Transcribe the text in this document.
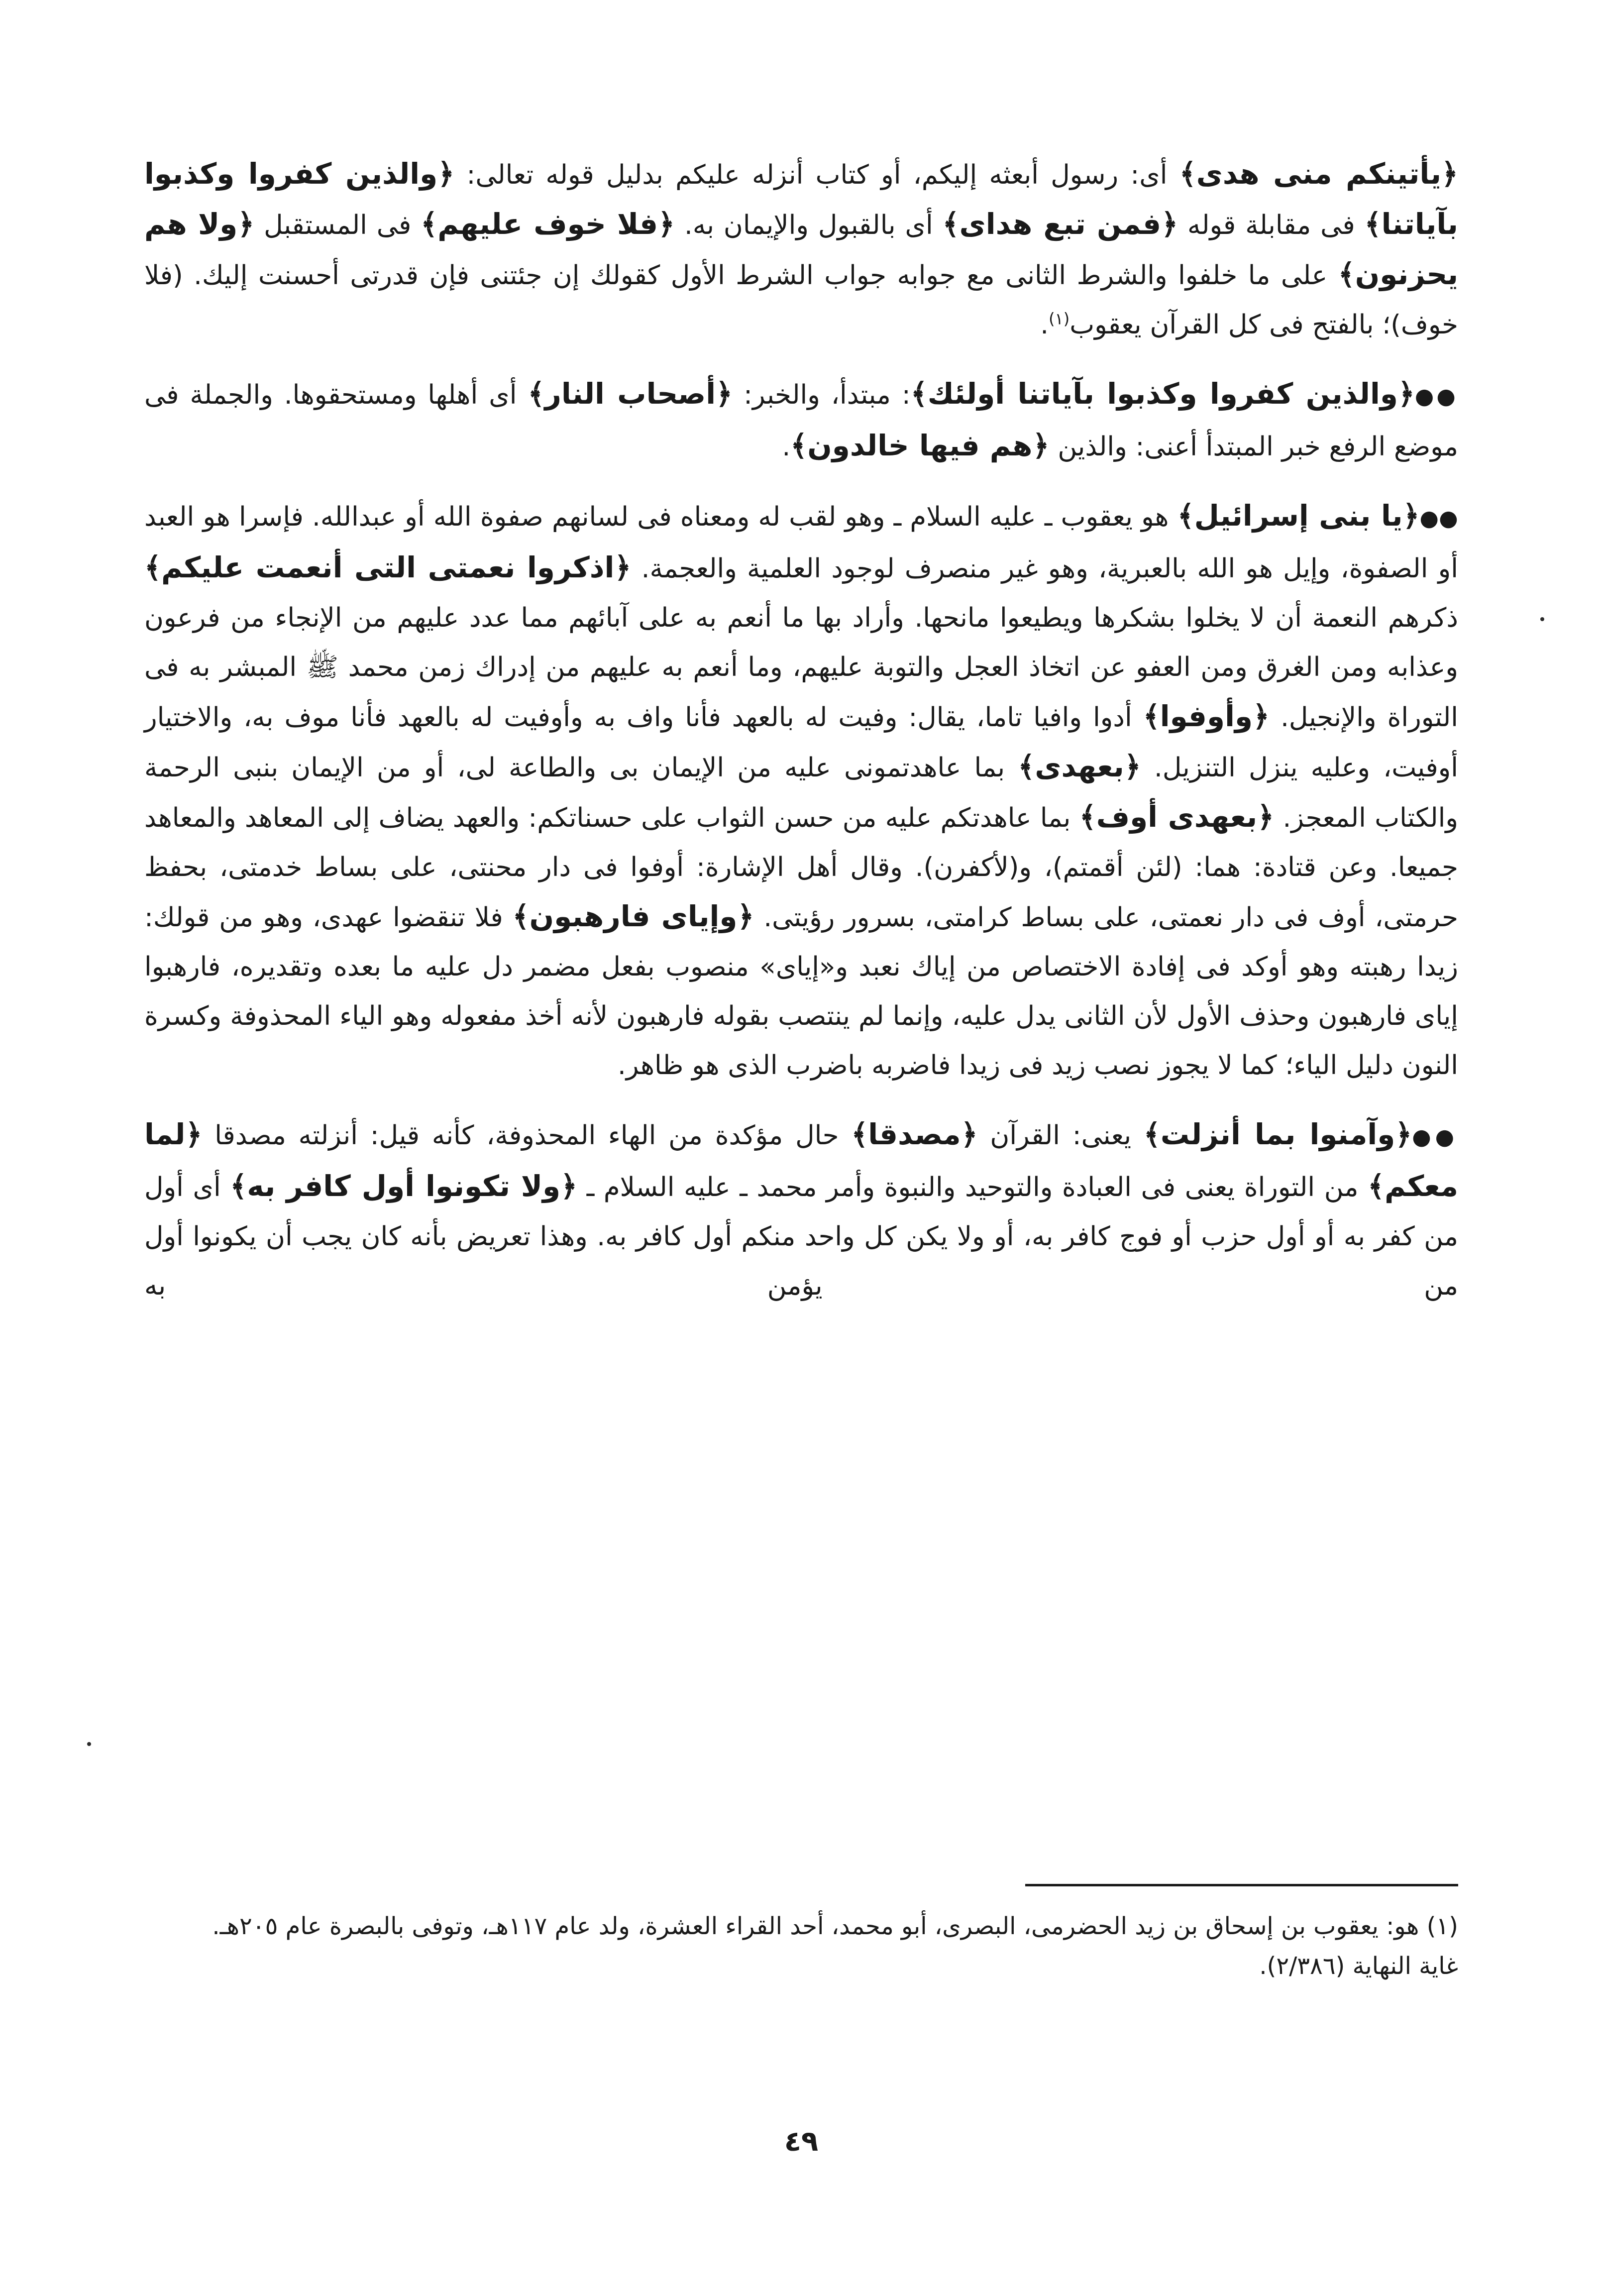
﴿يأتينكم منى هدى﴾ أى: رسول أبعثه إليكم، أو كتاب أنزله عليكم بدليل قوله تعالى: ﴿والذين كفروا وكذبوا بآياتنا﴾ فى مقابلة قوله ﴿فمن تبع هداى﴾ أى بالقبول والإيمان به. ﴿فلا خوف عليهم﴾ فى المستقبل ﴿ولا هم يحزنون﴾ على ما خلفوا والشرط الثانى مع جوابه جواب الشرط الأول كقولك إن جئتنى فإن قدرتى أحسنت إليك. (فلا خوف)؛ بالفتح فى كل القرآن يعقوب$^{(١)}$.

●●﴿والذين كفروا وكذبوا بآياتنا أولئك﴾: مبتدأ، والخبر: ﴿أصحاب النار﴾ أى أهلها ومستحقوها. والجملة فى موضع الرفع خبر المبتدأ أعنى: والذين ﴿هم فيها خالدون﴾.

●●﴿يا بنى إسرائيل﴾ هو يعقوب ـ عليه السلام ـ وهو لقب له ومعناه فى لسانهم صفوة الله أو عبدالله. فإسرا هو العبد أو الصفوة، وإيل هو الله بالعبرية، وهو غير منصرف لوجود العلمية والعجمة. ﴿اذكروا نعمتى التى أنعمت عليكم﴾ ذكرهم النعمة أن لا يخلوا بشكرها ويطيعوا مانحها. وأراد بها ما أنعم به على آبائهم مما عدد عليهم من الإنجاء من فرعون وعذابه ومن الغرق ومن العفو عن اتخاذ العجل والتوبة عليهم، وما أنعم به عليهم من إدراك زمن محمد ﷺ المبشر به فى التوراة والإنجيل. ﴿وأوفوا﴾ أدوا وافيا تاما، يقال: وفيت له بالعهد فأنا واف به وأوفيت له بالعهد فأنا موف به، والاختيار أوفيت، وعليه ينزل التنزيل. ﴿بعهدى﴾ بما عاهدتمونى عليه من الإيمان بى والطاعة لى، أو من الإيمان بنبى الرحمة والكتاب المعجز. ﴿بعهدى أوف﴾ بما عاهدتكم عليه من حسن الثواب على حسناتكم: والعهد يضاف إلى المعاهد والمعاهد جميعا. وعن قتادة: هما: (لئن أقمتم)، و(لأكفرن). وقال أهل الإشارة: أوفوا فى دار محنتى، على بساط خدمتى، بحفظ حرمتى، أوف فى دار نعمتى، على بساط كرامتى، بسرور رؤيتى. ﴿وإياى فارهبون﴾ فلا تنقضوا عهدى، وهو من قولك: زيدا رهبته وهو أوكد فى إفادة الاختصاص من إياك نعبد و«إياى» منصوب بفعل مضمر دل عليه ما بعده وتقديره، فارهبوا إياى فارهبون وحذف الأول لأن الثانى يدل عليه، وإنما لم ينتصب بقوله فارهبون لأنه أخذ مفعوله وهو الياء المحذوفة وكسرة النون دليل الياء؛ كما لا يجوز نصب زيد فى زيدا فاضربه باضرب الذى هو ظاهر.

●●﴿وآمنوا بما أنزلت﴾ يعنى: القرآن ﴿مصدقا﴾ حال مؤكدة من الهاء المحذوفة، كأنه قيل: أنزلته مصدقا ﴿لما معكم﴾ من التوراة يعنى فى العبادة والتوحيد والنبوة وأمر محمد ـ عليه السلام ـ ﴿ولا تكونوا أول كافر به﴾ أى أول من كفر به أو أول حزب أو فوج كافر به، أو ولا يكن كل واحد منكم أول كافر به. وهذا تعريض بأنه كان يجب أن يكونوا أول من يؤمن به

(١) هو: يعقوب بن إسحاق بن زيد الحضرمى، البصرى، أبو محمد، أحد القراء العشرة، ولد عام ١١٧هـ، وتوفى بالبصرة عام ٢٠٥هـ.

غاية النهاية (٢/٣٨٦).

٤٩
